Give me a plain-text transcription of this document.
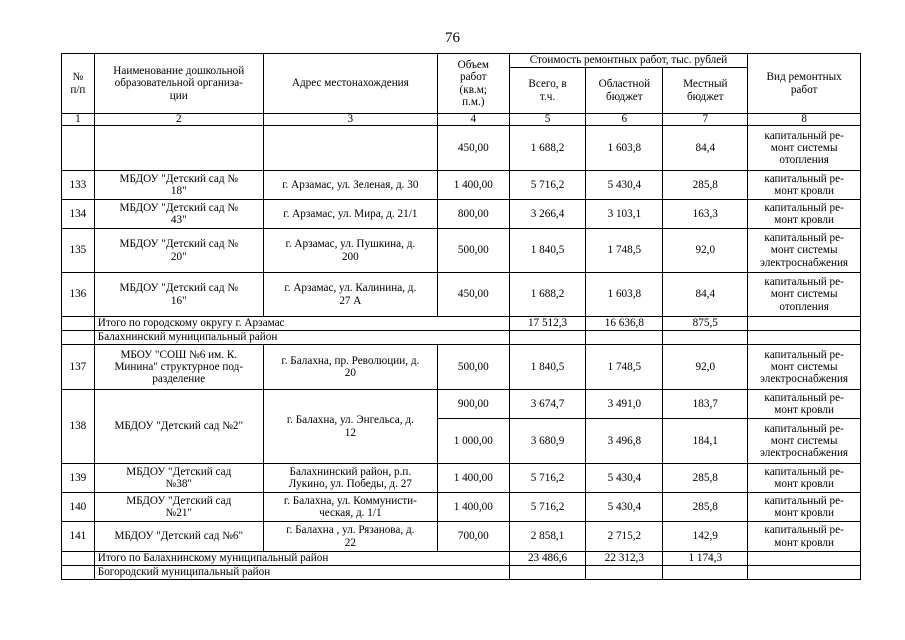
76
№
п/п	Наименование дошкольной
образовательной организа-
ции	Адрес местонахождения	Объем
работ
(кв.м;
п.м.)	Стоимость ремонтных работ, тыс. рублей			Вид ремонтных
работ
				Всего, в
т.ч.	Областной
бюджет	Местный
бюджет	
1	2	3	4	5	6	7	8
			450,00	1 688,2	1 603,8	84,4	капитальный ре-
монт системы
отопления
133	МБДОУ "Детский сад №
18"	г. Арзамас, ул. Зеленая, д. 30	1 400,00	5 716,2	5 430,4	285,8	капитальный ре-
монт кровли
134	МБДОУ "Детский сад №
43"	г. Арзамас, ул. Мира, д. 21/1	800,00	3 266,4	3 103,1	163,3	капитальный ре-
монт кровли
135	МБДОУ "Детский сад №
20"	г. Арзамас, ул. Пушкина, д.
200	500,00	1 840,5	1 748,5	92,0	капитальный ре-
монт системы
электроснабжения
136	МБДОУ "Детский сад №
16"	г. Арзамас, ул. Калинина, д.
27 А	450,00	1 688,2	1 603,8	84,4	капитальный ре-
монт системы
отопления
	Итого по городскому округу г. Арзамас			17 512,3	16 636,8	875,5	
	Балахнинский муниципальный район						
137	МБОУ "СОШ №6 им. К.
Минина" структурное под-
разделение	г. Балахна, пр. Революции, д.
20	500,00	1 840,5	1 748,5	92,0	капитальный ре-
монт системы
электроснабжения
138	МБДОУ "Детский сад №2"	г. Балахна, ул. Энгельса, д.
12	900,00	3 674,7	3 491,0	183,7	капитальный ре-
монт кровли
			1 000,00	3 680,9	3 496,8	184,1	капитальный ре-
монт системы
электроснабжения
139	МБДОУ "Детский сад
№38"	Балахнинский район, р.п.
Лукино, ул. Победы, д. 27	1 400,00	5 716,2	5 430,4	285,8	капитальный ре-
монт кровли
140	МБДОУ "Детский сад
№21"	г. Балахна, ул. Коммунисти-
ческая, д. 1/1	1 400,00	5 716,2	5 430,4	285,8	капитальный ре-
монт кровли
141	МБДОУ "Детский сад №6"	г. Балахна , ул. Рязанова, д.
22	700,00	2 858,1	2 715,2	142,9	капитальный ре-
монт кровли
	Итого по Балахнинскому муниципальный район			23 486,6	22 312,3	1 174,3	
	Богородский муниципальный район						
